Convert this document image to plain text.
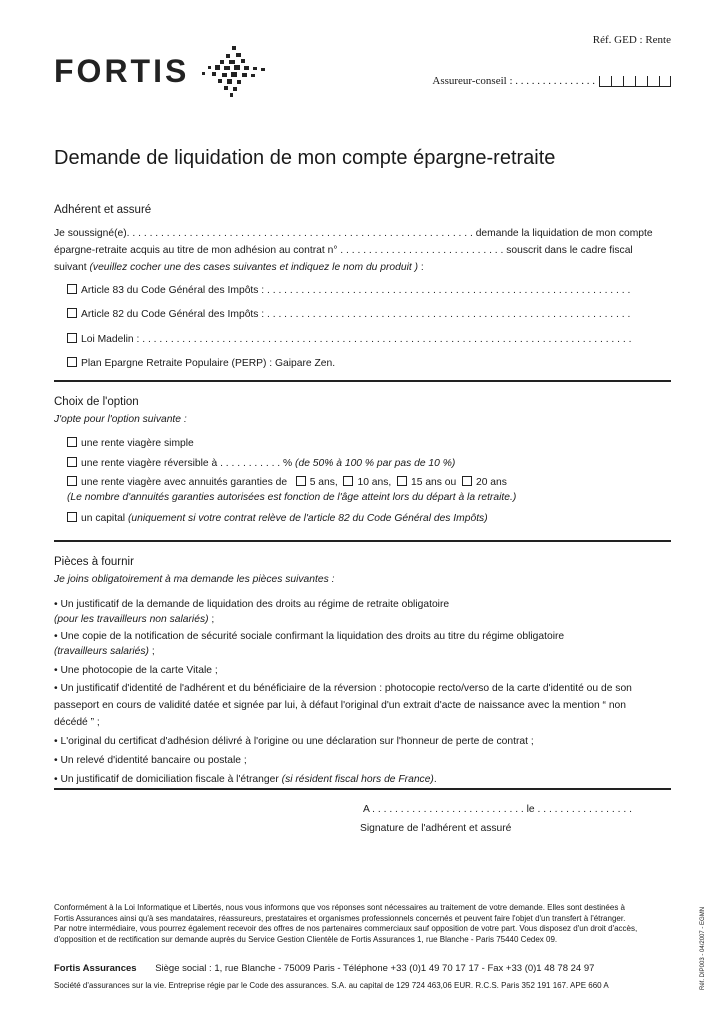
FORTIS
Réf. GED : Rente
Assureur-conseil : . . . . . . . . . . . . . . .
Demande de liquidation de mon compte épargne-retraite
Adhérent et assuré
Je soussigné(e). . . . . . . . . . . . . . . . . . . . . . . . . . . . . . . . . . . . . . . . . . . . . . . . . . . . . . . . . . . . . demande la liquidation de mon compte
épargne-retraite acquis au titre de mon adhésion au contrat n° . . . . . . . . . . . . . . . . . . . . . . . . . . . . . souscrit dans le cadre fiscal
suivant (veuillez cocher une des cases suivantes et indiquez le nom du produit ) :
Article 83 du Code Général des Impôts : . . . . . . . . . . . . . . . . . . . . . . . . . . . . . . . . . . . . . . . . . . . . . . . . . . . . . . . . . . . . . . . .
Article 82 du Code Général des Impôts : . . . . . . . . . . . . . . . . . . . . . . . . . . . . . . . . . . . . . . . . . . . . . . . . . . . . . . . . . . . . . . . .
Loi Madelin : . . . . . . . . . . . . . . . . . . . . . . . . . . . . . . . . . . . . . . . . . . . . . . . . . . . . . . . . . . . . . . . . . . . . . . . . . . . . . . . . . . . . . .
Plan Epargne Retraite Populaire (PERP) : Gaipare Zen.
Choix de l'option
J'opte pour l'option suivante :
une rente viagère simple
une rente viagère réversible à . . . . . . . . . . . % (de 50% à 100 % par pas de 10 %)
une rente viagère avec annuités garanties de 5 ans, 10 ans, 15 ans ou 20 ans
(Le nombre d'annuités garanties autorisées est fonction de l'âge atteint lors du départ à la retraite.)
un capital (uniquement si votre contrat relève de l'article 82 du Code Général des Impôts)
Pièces à fournir
Je joins obligatoirement à ma demande les pièces suivantes :
• Un justificatif de la demande de liquidation des droits au régime de retraite obligatoire
(pour les travailleurs non salariés) ;
• Une copie de la notification de sécurité sociale confirmant la liquidation des droits au titre du régime obligatoire
(travailleurs salariés) ;
• Une photocopie de la carte Vitale ;
• Un justificatif d'identité de l'adhérent et du bénéficiaire de la réversion : photocopie recto/verso de la carte d'identité ou de son
passeport en cours de validité datée et signée par lui, à défaut l'original d'un extrait d'acte de naissance avec la mention “ non
décédé ” ;
• L'original du certificat d'adhésion délivré à l'origine ou une déclaration sur l'honneur de perte de contrat ;
• Un relevé d'identité bancaire ou postale ;
• Un justificatif de domiciliation fiscale à l'étranger (si résident fiscal hors de France).
A . . . . . . . . . . . . . . . . . . . . . . . . . . . le . . . . . . . . . . . . . . . . .
Signature de l'adhérent et assuré
Conformément à la Loi Informatique et Libertés, nous vous informons que vos réponses sont nécessaires au traitement de votre demande. Elles sont destinées à
Fortis Assurances ainsi qu'à ses mandataires, réassureurs, prestataires et organismes professionnels concernés et peuvent faire l'objet d'un transfert à l'étranger.
Par notre intermédiaire, vous pourrez également recevoir des offres de nos partenaires commerciaux sauf opposition de votre part. Vous disposez d'un droit d'accès,
d'opposition et de rectification sur demande auprès du Service Gestion Clientèle de Fortis Assurances 1, rue Blanche - Paris 75440 Cedex 09.
Fortis Assurances Siège social : 1, rue Blanche - 75009 Paris - Téléphone +33 (0)1 49 70 17 17 - Fax +33 (0)1 48 78 24 97
Société d'assurances sur la vie. Entreprise régie par le Code des assurances. S.A. au capital de 129 724 463,06 EUR. R.C.S. Paris 352 191 167. APE 660 A	Réf. DIP003 - 04/2007 - EGMN
